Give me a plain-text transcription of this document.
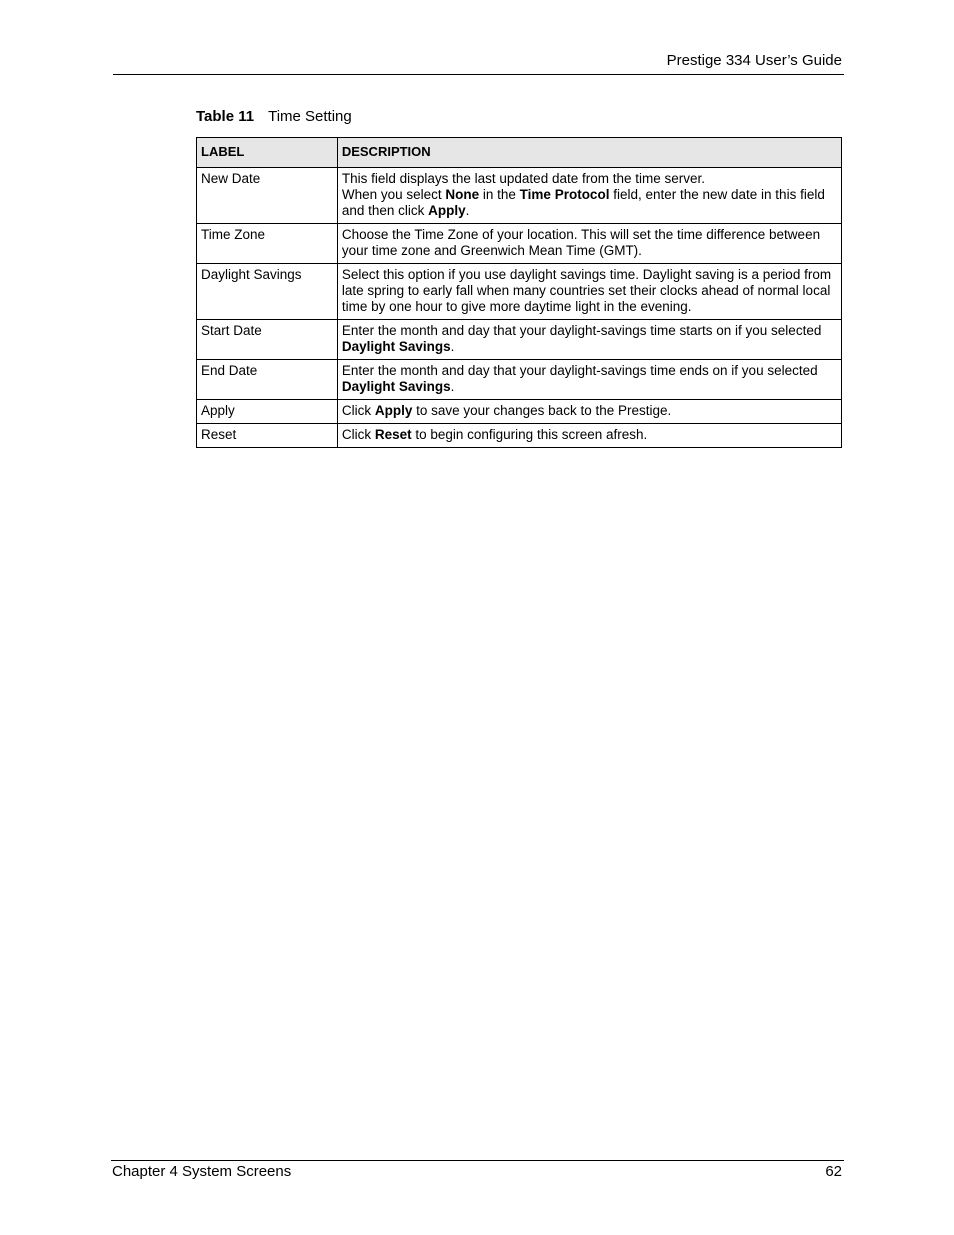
Prestige 334 User’s Guide
Table 11 Time Setting
LABEL	DESCRIPTION
New Date	This field displays the last updated date from the time server.

When you select None in the Time Protocol field, enter the new date in this field and then click Apply.

Time Zone	Choose the Time Zone of your location. This will set the time difference between your time zone and Greenwich Mean Time (GMT).

Daylight Savings	Select this option if you use daylight savings time. Daylight saving is a period from late spring to early fall when many countries set their clocks ahead of normal local time by one hour to give more daytime light in the evening.

Start Date	Enter the month and day that your daylight-savings time starts on if you selected Daylight Savings.

End Date	Enter the month and day that your daylight-savings time ends on if you selected Daylight Savings.

Apply	Click Apply to save your changes back to the Prestige.

Reset	Click Reset to begin configuring this screen afresh.

Chapter 4 System Screens	62
